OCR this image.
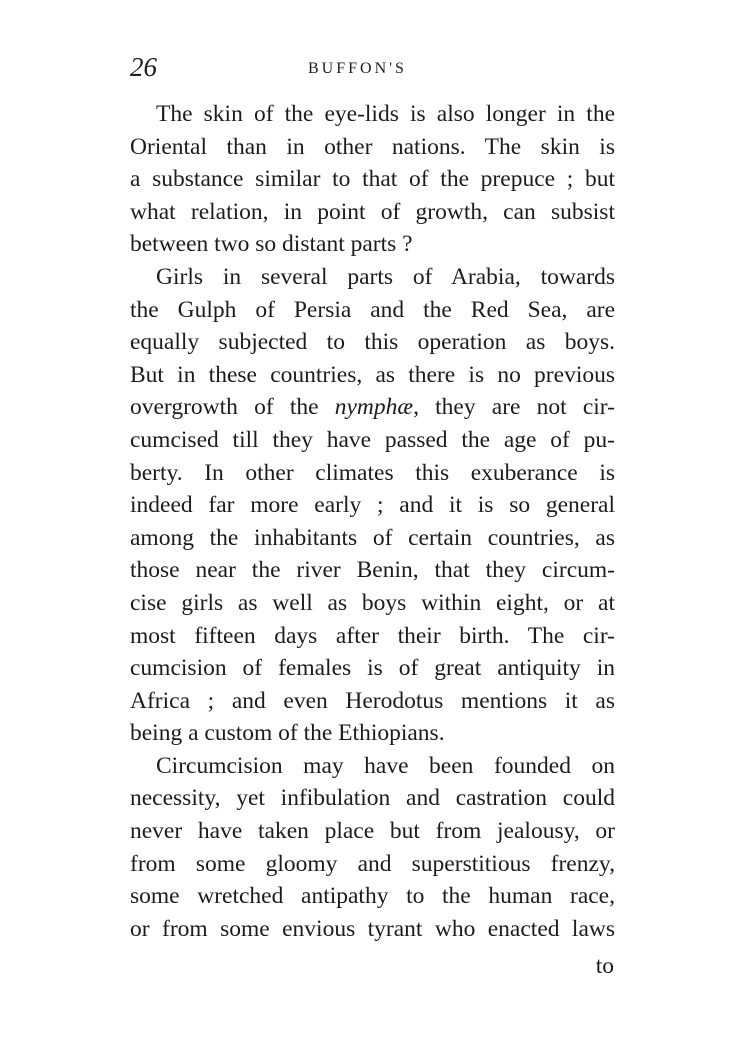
26	BUFFON'S
The skin of the eye-lids is also longer in the
Oriental than in other nations. The skin is
a substance similar to that of the prepuce ; but
what relation, in point of growth, can subsist
between two so distant parts ?
Girls in several parts of Arabia, towards
the Gulph of Persia and the Red Sea, are
equally subjected to this operation as boys.
But in these countries, as there is no previous
overgrowth of the nymphæ, they are not cir-
cumcised till they have passed the age of pu-
berty. In other climates this exuberance is
indeed far more early ; and it is so general
among the inhabitants of certain countries, as
those near the river Benin, that they circum-
cise girls as well as boys within eight, or at
most fifteen days after their birth. The cir-
cumcision of females is of great antiquity in
Africa ; and even Herodotus mentions it as
being a custom of the Ethiopians.
Circumcision may have been founded on
necessity, yet infibulation and castration could
never have taken place but from jealousy, or
from some gloomy and superstitious frenzy,
some wretched antipathy to the human race,
or from some envious tyrant who enacted laws
to
